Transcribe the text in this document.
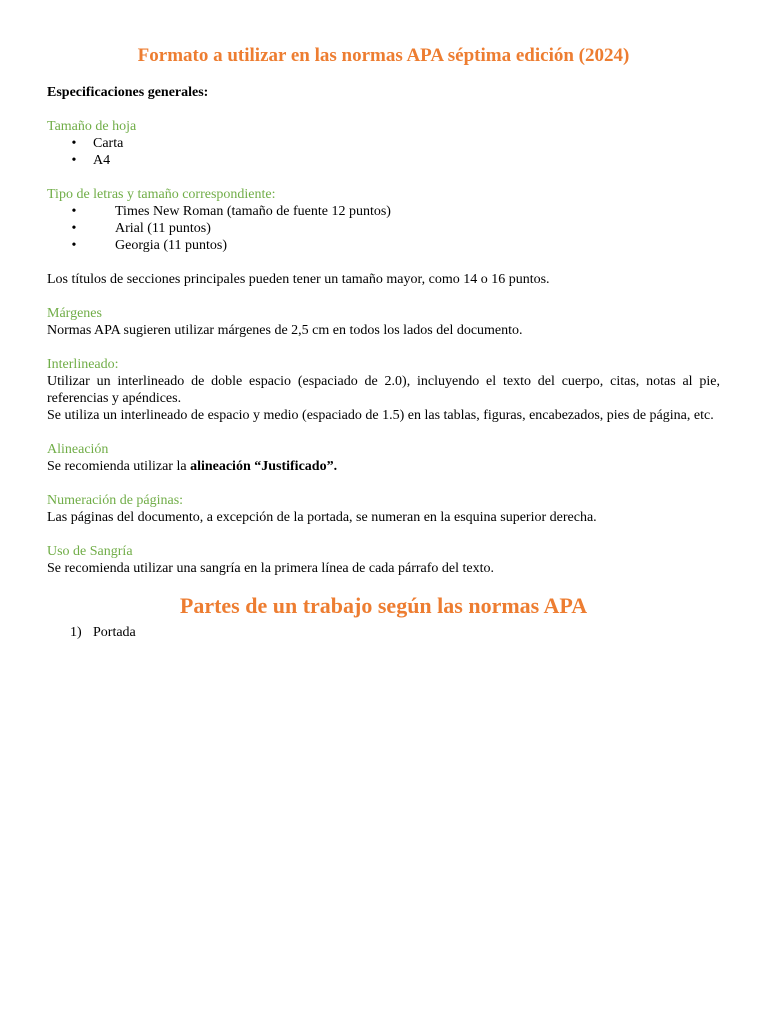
Formato a utilizar en las normas APA séptima edición (2024)
Especificaciones generales:
Tamaño de hoja
• Carta
• A4
Tipo de letras y tamaño correspondiente:
•	Times New Roman (tamaño de fuente 12 puntos)
•	Arial (11 puntos)
•	Georgia (11 puntos)

Los títulos de secciones principales pueden tener un tamaño mayor, como 14 o 16 puntos.

Márgenes

Normas APA sugieren utilizar márgenes de 2,5 cm en todos los lados del documento.

Interlineado:

Utilizar un interlineado de doble espacio (espaciado de 2.0), incluyendo el texto del cuerpo, citas, notas al pie, referencias y apéndices.

Se utiliza un interlineado de espacio y medio (espaciado de 1.5) en las tablas, figuras, encabezados, pies de página, etc.

Alineación

Se recomienda utilizar la alineación “Justificado”.

Numeración de páginas:

Las páginas del documento, a excepción de la portada, se numeran en la esquina superior derecha.

Uso de Sangría

Se recomienda utilizar una sangría en la primera línea de cada párrafo del texto.

Partes de un trabajo según las normas APA
1) Portada
